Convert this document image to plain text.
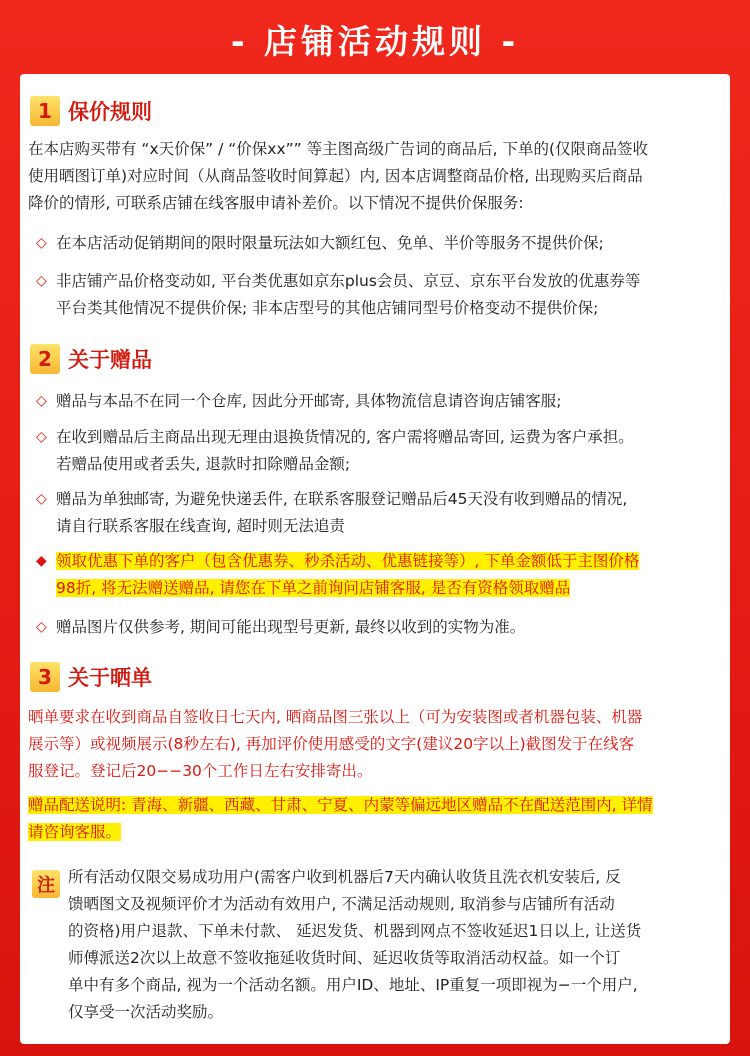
- 店铺活动规则 -
1 保价规则
在本店购买带有 “x天价保” / “价保xx”” 等主图高级广告词的商品后, 下单的(仅限商品签收
使用晒图订单)对应时间（从商品签收时间算起）内, 因本店调整商品价格, 出现购买后商品
降价的情形, 可联系店铺在线客服申请补差价。以下情况不提供价保服务:
◇ 在本店活动促销期间的限时限量玩法如大额红包、免单、半价等服务不提供价保;
◇ 非店铺产品价格变动如, 平台类优惠如京东plus会员、京豆、京东平台发放的优惠券等
平台类其他情况不提供价保; 非本店型号的其他店铺同型号价格变动不提供价保;
2 关于赠品
◇ 赠品与本品不在同一个仓库, 因此分开邮寄, 具体物流信息请咨询店铺客服;
◇ 在收到赠品后主商品出现无理由退换货情况的, 客户需将赠品寄回, 运费为客户承担。
若赠品使用或者丢失, 退款时扣除赠品金额;
◇ 赠品为单独邮寄, 为避免快递丢件, 在联系客服登记赠品后45天没有收到赠品的情况,
请自行联系客服在线查询, 超时则无法追责
◆ 领取优惠下单的客户（包含优惠券、秒杀活动、优惠链接等）, 下单金额低于主图价格
98折, 将无法赠送赠品, 请您在下单之前询问店铺客服, 是否有资格领取赠品
◇ 赠品图片仅供参考, 期间可能出现型号更新, 最终以收到的实物为准。
3 关于晒单
晒单要求在收到商品自签收日七天内, 晒商品图三张以上（可为安装图或者机器包装、机器
展示等）或视频展示(8秒左右), 再加评价使用感受的文字(建议20字以上)截图发于在线客
服登记。登记后20−−30个工作日左右安排寄出。
赠品配送说明: 青海、新疆、西藏、甘肃、宁夏、内蒙等偏远地区赠品不在配送范围内, 详情
请咨询客服。
注 所有活动仅限交易成功用户(需客户收到机器后7天内确认收货且洗衣机安装后, 反
馈晒图文及视频评价才为活动有效用户, 不满足活动规则, 取消参与店铺所有活动
的资格)用户退款、下单未付款、 延迟发货、机器到网点不签收延迟1日以上, 让送货
师傅派送2次以上故意不签收拖延收货时间、延迟收货等取消活动权益。如一个订
单中有多个商品, 视为一个活动名额。用户ID、地址、IP重复一项即视为−一个用户,
仅享受一次活动奖励。
